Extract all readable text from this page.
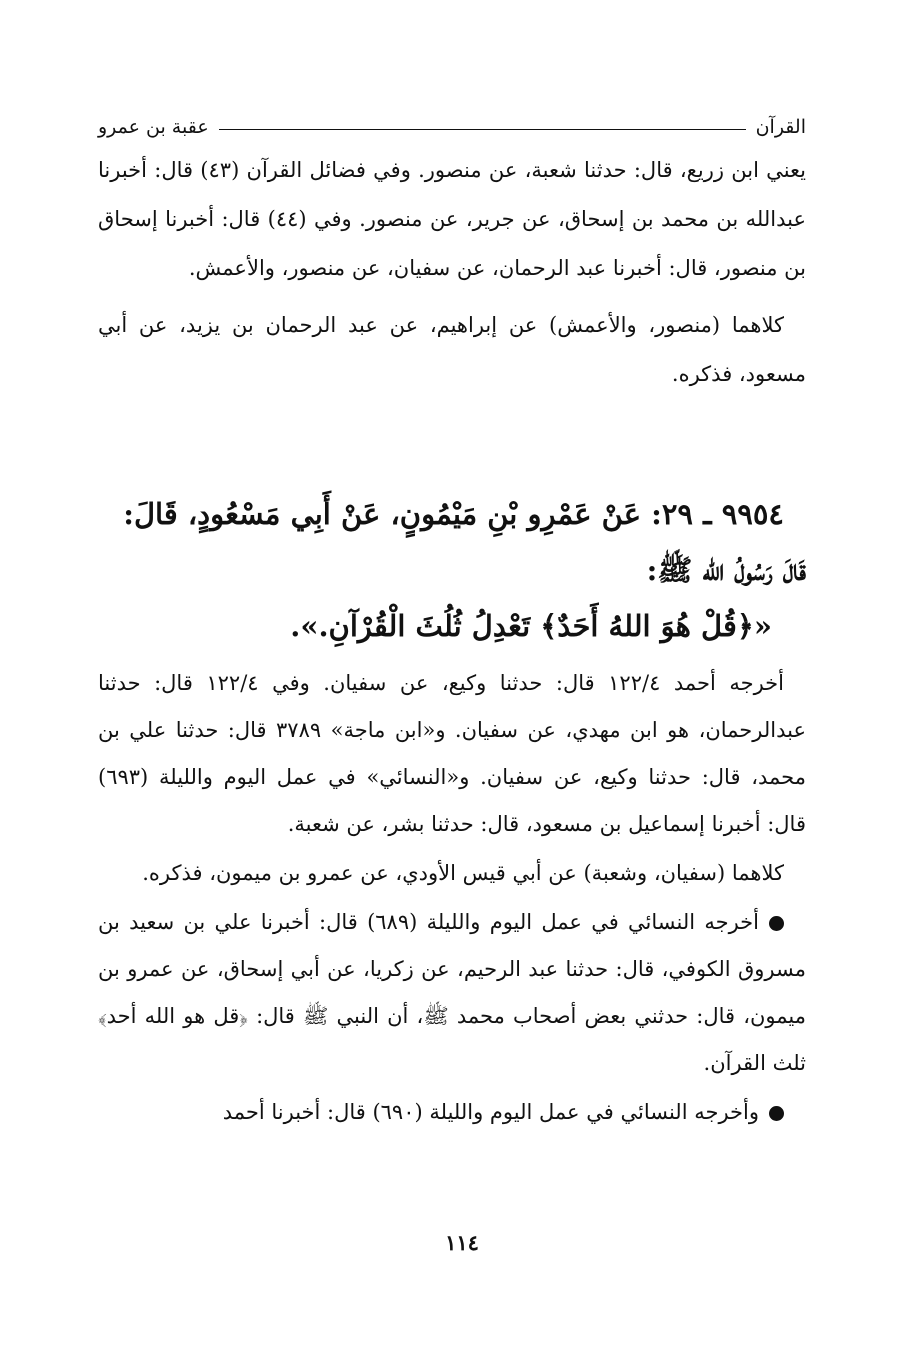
القرآن
عقبة بن عمرو

يعني ابن زريع، قال: حدثنا شعبة، عن منصور. وفي فضائل القرآن (٤٣) قال: أخبرنا عبدالله بن محمد بن إسحاق، عن جرير، عن منصور. وفي (٤٤) قال: أخبرنا إسحاق بن منصور، قال: أخبرنا عبد الرحمان، عن سفيان، عن منصور، والأعمش.

كلاهما (منصور، والأعمش) عن إبراهيم، عن عبد الرحمان بن يزيد، عن أبي مسعود، فذكره.

٩٩٥٤ ـ ٢٩: عَنْ عَمْرِو بْنِ مَيْمُونٍ، عَنْ أَبِي مَسْعُودٍ، قَالَ:

قَالَ رَسُولُ الله ﷺ:

«﴿قُلْ هُوَ اللهُ أَحَدٌ﴾ تَعْدِلُ ثُلُثَ الْقُرْآنِ.».

أخرجه أحمد ١٢٢/٤ قال: حدثنا وكيع، عن سفيان. وفي ١٢٢/٤ قال: حدثنا عبدالرحمان، هو ابن مهدي، عن سفيان. و«ابن ماجة» ٣٧٨٩ قال: حدثنا علي بن محمد، قال: حدثنا وكيع، عن سفيان. و«النسائي» في عمل اليوم والليلة (٦٩٣) قال: أخبرنا إسماعيل بن مسعود، قال: حدثنا بشر، عن شعبة.

كلاهما (سفيان، وشعبة) عن أبي قيس الأودي، عن عمرو بن ميمون، فذكره.

أخرجه النسائي في عمل اليوم والليلة (٦٨٩) قال: أخبرنا علي بن سعيد بن مسروق الكوفي، قال: حدثنا عبد الرحيم، عن زكريا، عن أبي إسحاق، عن عمرو بن ميمون، قال: حدثني بعض أصحاب محمد ﷺ، أن النبي ﷺ قال: ﴿قل هو الله أحد﴾ ثلث القرآن.

وأخرجه النسائي في عمل اليوم والليلة (٦٩٠) قال: أخبرنا أحمد

١١٤
